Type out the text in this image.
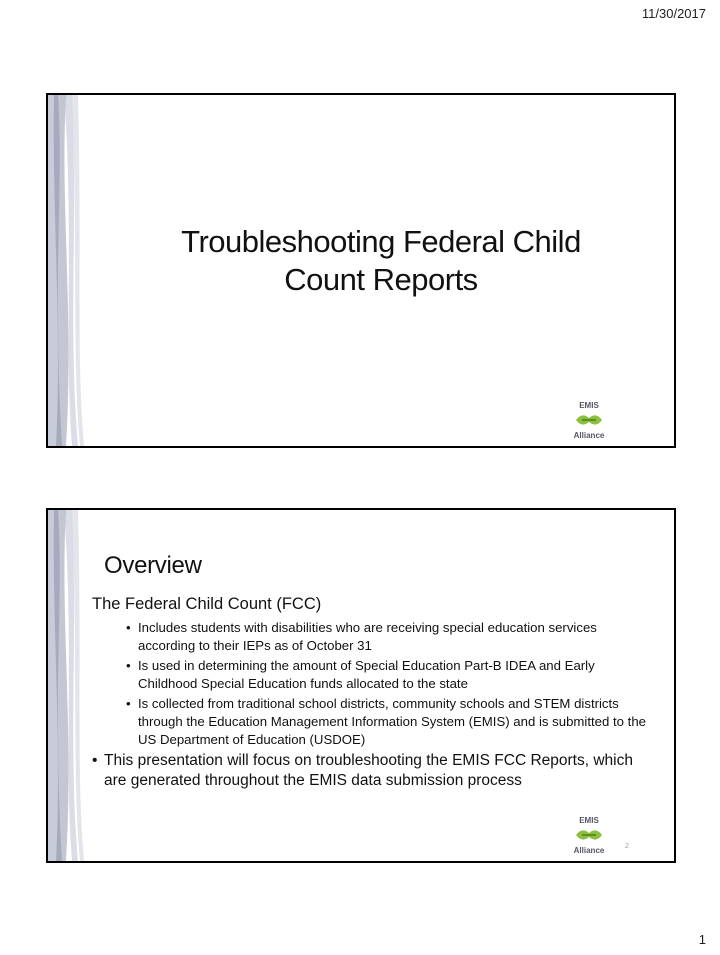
11/30/2017
Troubleshooting Federal Child
Count Reports
EMIS
Alliance
Overview

The Federal Child Count (FCC)

• Includes students with disabilities who are receiving special education services according to their IEPs as of October 31

• Is used in determining the amount of Special Education Part-B IDEA and Early Childhood Special Education funds allocated to the state

• Is collected from traditional school districts, community schools and STEM districts through the Education Management Information System (EMIS) and is submitted to the US Department of Education (USDOE)

• This presentation will focus on troubleshooting the EMIS FCC Reports, which are generated throughout the EMIS data submission process

EMIS
Alliance	2
1
